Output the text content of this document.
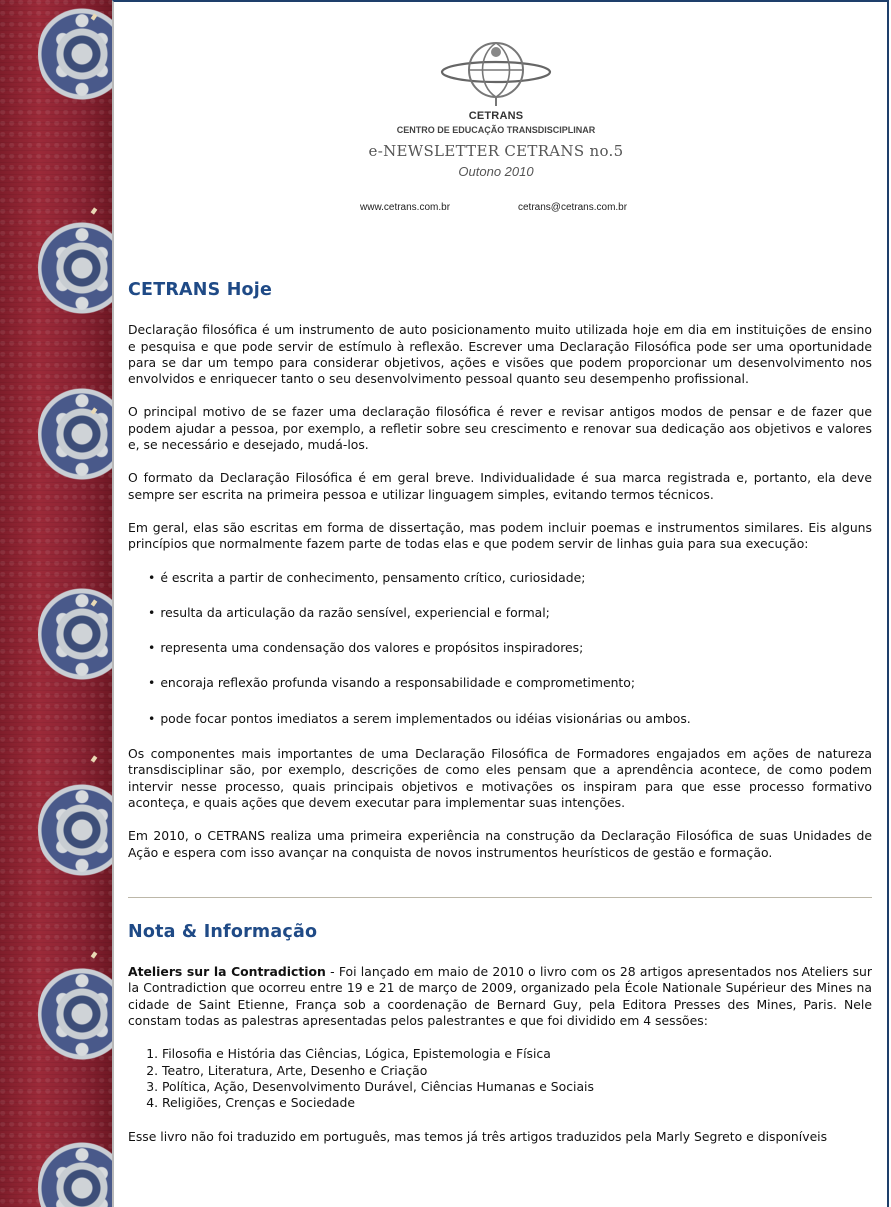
CETRANS
CENTRO DE EDUCAÇÃO TRANSDISCIPLINAR
e-NEWSLETTER CETRANS no.5
Outono 2010
www.cetrans.com.br	cetrans@cetrans.com.br
CETRANS Hoje

Declaração filosófica é um instrumento de auto posicionamento muito utilizada hoje em dia em instituições de ensino e pesquisa e que pode servir de estímulo à reflexão. Escrever uma Declaração Filosófica pode ser uma oportunidade para se dar um tempo para considerar objetivos, ações e visões que podem proporcionar um desenvolvimento nos envolvidos e enriquecer tanto o seu desenvolvimento pessoal quanto seu desempenho profissional.

O principal motivo de se fazer uma declaração filosófica é rever e revisar antigos modos de pensar e de fazer que podem ajudar a pessoa, por exemplo, a refletir sobre seu crescimento e renovar sua dedicação aos objetivos e valores e, se necessário e desejado, mudá-los.

O formato da Declaração Filosófica é em geral breve. Individualidade é sua marca registrada e, portanto, ela deve sempre ser escrita na primeira pessoa e utilizar linguagem simples, evitando termos técnicos.

Em geral, elas são escritas em forma de dissertação, mas podem incluir poemas e instrumentos similares. Eis alguns princípios que normalmente fazem parte de todas elas e que podem servir de linhas guia para sua execução:

• é escrita a partir de conhecimento, pensamento crítico, curiosidade;
• resulta da articulação da razão sensível, experiencial e formal;
• representa uma condensação dos valores e propósitos inspiradores;
• encoraja reflexão profunda visando a responsabilidade e comprometimento;
• pode focar pontos imediatos a serem implementados ou idéias visionárias ou ambos.

Os componentes mais importantes de uma Declaração Filosófica de Formadores engajados em ações de natureza transdisciplinar são, por exemplo, descrições de como eles pensam que a aprendência acontece, de como podem intervir nesse processo, quais principais objetivos e motivações os inspiram para que esse processo formativo aconteça, e quais ações que devem executar para implementar suas intenções.

Em 2010, o CETRANS realiza uma primeira experiência na construção da Declaração Filosófica de suas Unidades de Ação e espera com isso avançar na conquista de novos instrumentos heurísticos de gestão e formação.

Nota & Informação

Ateliers sur la Contradiction - Foi lançado em maio de 2010 o livro com os 28 artigos apresentados nos Ateliers sur la Contradiction que ocorreu entre 19 e 21 de março de 2009, organizado pela École Nationale Supérieur des Mines na cidade de Saint Etienne, França sob a coordenação de Bernard Guy, pela Editora Presses des Mines, Paris. Nele constam todas as palestras apresentadas pelos palestrantes e que foi dividido em 4 sessões:

1. Filosofia e História das Ciências, Lógica, Epistemologia e Física
2. Teatro, Literatura, Arte, Desenho e Criação
3. Política, Ação, Desenvolvimento Durável, Ciências Humanas e Sociais
4. Religiões, Crenças e Sociedade

Esse livro não foi traduzido em português, mas temos já três artigos traduzidos pela Marly Segreto e disponíveis
